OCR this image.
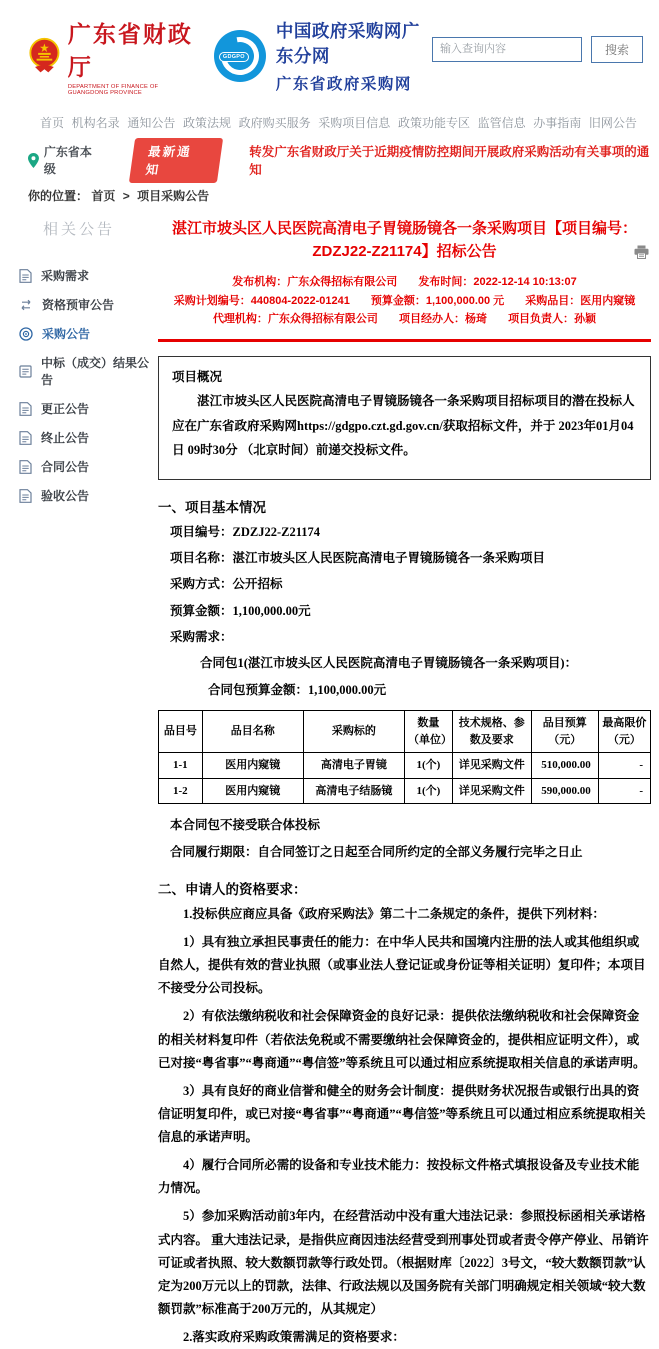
广东省财政厅
DEPARTMENT OF FINANCE OF GUANGDONG PROVINCE
GDGPO
中国政府采购网广东分网
广东省政府采购网
输入查询内容
搜索
首页 机构名录 通知公告 政策法规 政府购买服务 采购项目信息 政策功能专区 监管信息 办事指南 旧网公告
广东省本级
最新通知
转发广东省财政厅关于近期疫情防控期间开展政府采购活动有关事项的通知
你的位置： 首页 > 项目采购公告
相关公告
采购需求
资格预审公告
采购公告
中标（成交）结果公告
更正公告
终止公告
合同公告
验收公告
湛江市坡头区人民医院高清电子胃镜肠镜各一条采购项目【项目编号：ZDZJ22-Z21174】招标公告
发布机构：广东众得招标有限公司 发布时间：2022-12-14 10:13:07
采购计划编号：440804-2022-01241 预算金额：1,100,000.00 元 采购品目：医用内窥镜
代理机构：广东众得招标有限公司 项目经办人：杨琦 项目负责人：孙颖
项目概况

湛江市坡头区人民医院高清电子胃镜肠镜各一条采购项目招标项目的潜在投标人应在广东省政府采购网https://gdgpo.czt.gd.gov.cn/获取招标文件，并于 2023年01月04日 09时30分 （北京时间）前递交投标文件。

一、项目基本情况

项目编号：ZDZJ22-Z21174

项目名称：湛江市坡头区人民医院高清电子胃镜肠镜各一条采购项目

采购方式：公开招标

预算金额：1,100,000.00元

采购需求：

合同包1(湛江市坡头区人民医院高清电子胃镜肠镜各一条采购项目)：

合同包预算金额：1,100,000.00元

品目号	品目名称	采购标的	数量（单位）	技术规格、参数及要求	品目预算（元）	最高限价（元）
1-1	医用内窥镜	高清电子胃镜	1(个)	详见采购文件	510,000.00	-
1-2	医用内窥镜	高清电子结肠镜	1(个)	详见采购文件	590,000.00	-

本合同包不接受联合体投标

合同履行期限：自合同签订之日起至合同所约定的全部义务履行完毕之日止

二、申请人的资格要求：

1.投标供应商应具备《政府采购法》第二十二条规定的条件，提供下列材料：

1）具有独立承担民事责任的能力：在中华人民共和国境内注册的法人或其他组织或自然人，提供有效的营业执照（或事业法人登记证或身份证等相关证明）复印件；本项目不接受分公司投标。

2）有依法缴纳税收和社会保障资金的良好记录：提供依法缴纳税收和社会保障资金的相关材料复印件（若依法免税或不需要缴纳社会保障资金的，提供相应证明文件），或已对接“粤省事”“粤商通”“粤信签”等系统且可以通过相应系统提取相关信息的承诺声明。

3）具有良好的商业信誉和健全的财务会计制度：提供财务状况报告或银行出具的资信证明复印件，或已对接“粤省事”“粤商通”“粤信签”等系统且可以通过相应系统提取相关信息的承诺声明。

4）履行合同所必需的设备和专业技术能力：按投标文件格式填报设备及专业技术能力情况。

5）参加采购活动前3年内，在经营活动中没有重大违法记录：参照投标函相关承诺格式内容。 重大违法记录，是指供应商因违法经营受到刑事处罚或者责令停产停业、吊销许可证或者执照、较大数额罚款等行政处罚。（根据财库〔2022〕3号文，“较大数额罚款”认定为200万元以上的罚款，法律、行政法规以及国务院有关部门明确规定相关领域“较大数额罚款”标准高于200万元的，从其规定）

2.落实政府采购政策需满足的资格要求：
